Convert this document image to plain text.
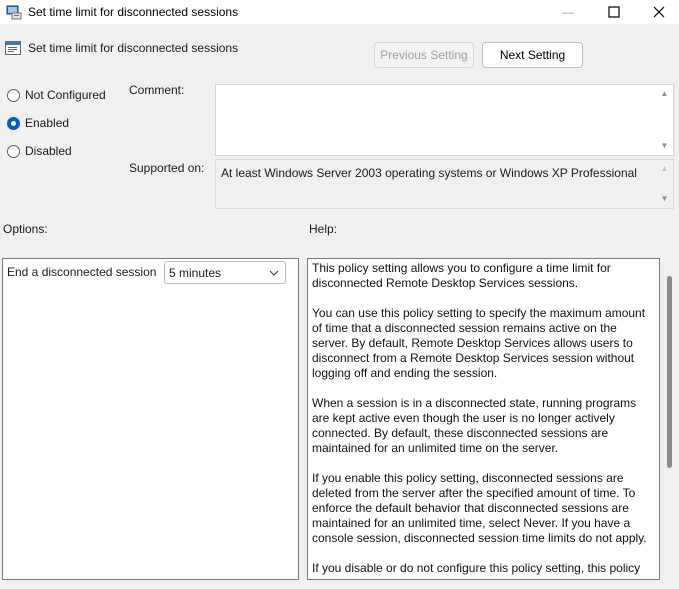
Set time limit for disconnected sessions	—
Set time limit for disconnected sessions	Previous Setting	Next Setting
Not Configured
Enabled
Disabled
Comment:	▲
▼
Supported on: At least Windows Server 2003 operating systems or Windows XP Professional	▲
▼
Options:	Help:
End a disconnected session 5 minutes	This policy setting allows you to configure a time limit for disconnected Remote Desktop Services sessions.

You can use this policy setting to specify the maximum amount of time that a disconnected session remains active on the server. By default, Remote Desktop Services allows users to disconnect from a Remote Desktop Services session without logging off and ending the session.

When a session is in a disconnected state, running programs are kept active even though the user is no longer actively connected. By default, these disconnected sessions are maintained for an unlimited time on the server.

If you enable this policy setting, disconnected sessions are deleted from the server after the specified amount of time. To enforce the default behavior that disconnected sessions are maintained for an unlimited time, select Never. If you have a console session, disconnected session time limits do not apply.

If you disable or do not configure this policy setting, this policy
